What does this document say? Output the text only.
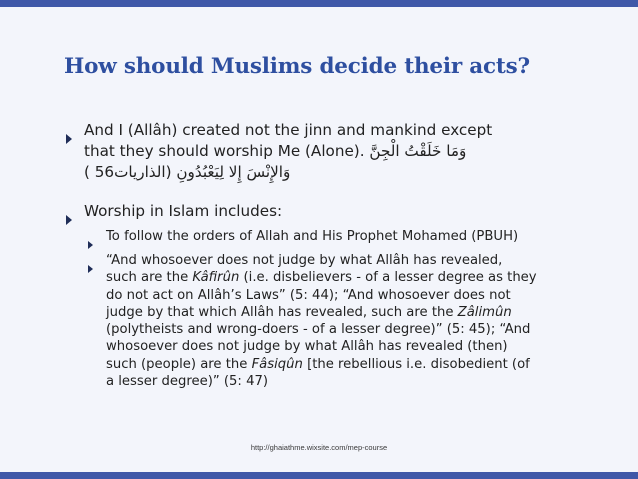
How should Muslims decide their acts?
And I (Allâh) created not the jinn and mankind except
that they should worship Me (Alone). وَمَا خَلَقْتُ الْجِنَّ
وَالإِنْسَ إِلا لِيَعْبُدُونِ (الذاريات56 )
Worship in Islam includes:
To follow the orders of Allah and His Prophet Mohamed (PBUH)
“And whosoever does not judge by what Allâh has revealed,
such are the Kâfirûn (i.e. disbelievers - of a lesser degree as they
do not act on Allâh’s Laws” (5: 44); “And whosoever does not
judge by that which Allâh has revealed, such are the Zâlimûn
(polytheists and wrong-doers - of a lesser degree)” (5: 45); “And
whosoever does not judge by what Allâh has revealed (then)
such (people) are the Fâsiqûn [the rebellious i.e. disobedient (of
a lesser degree)” (5: 47)
http://ghaiathme.wixsite.com/mep-course
